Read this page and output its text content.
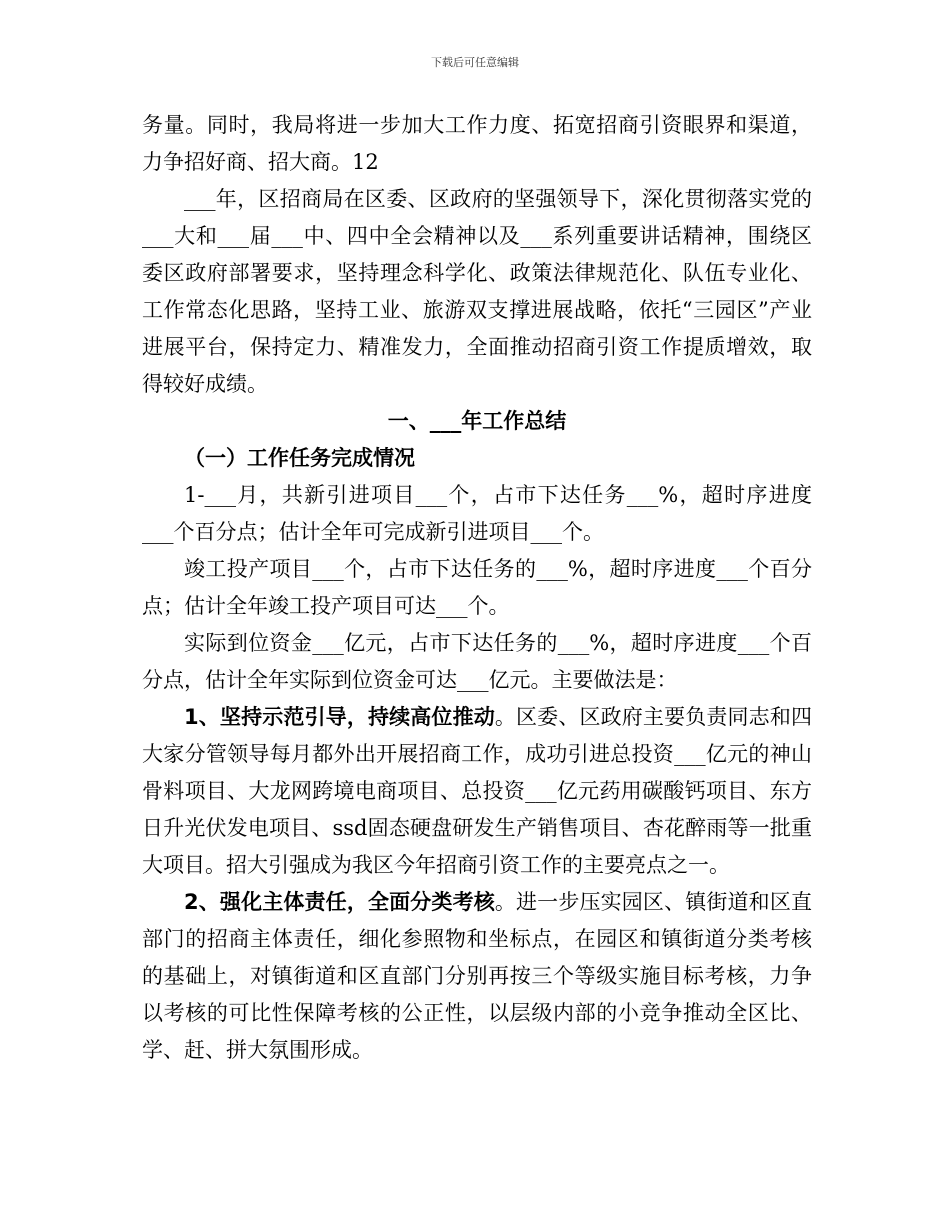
下载后可任意编辑

务量。同时，我局将进一步加大工作力度、拓宽招商引资眼界和渠道，力争招好商、招大商。12

___年，区招商局在区委、区政府的坚强领导下，深化贯彻落实党的___大和___届___中、四中全会精神以及___系列重要讲话精神，围绕区委区政府部署要求，坚持理念科学化、政策法律规范化、队伍专业化、工作常态化思路，坚持工业、旅游双支撑进展战略，依托“三园区”产业进展平台，保持定力、精准发力，全面推动招商引资工作提质增效，取得较好成绩。

一、___年工作总结

（一）工作任务完成情况

1-___月，共新引进项目___个，占市下达任务___%，超时序进度___个百分点；估计全年可完成新引进项目___个。

竣工投产项目___个，占市下达任务的___%，超时序进度___个百分点；估计全年竣工投产项目可达___个。

实际到位资金___亿元，占市下达任务的___%，超时序进度___个百分点，估计全年实际到位资金可达___亿元。主要做法是：

1、坚持示范引导，持续高位推动。区委、区政府主要负责同志和四大家分管领导每月都外出开展招商工作，成功引进总投资___亿元的神山骨料项目、大龙网跨境电商项目、总投资___亿元药用碳酸钙项目、东方日升光伏发电项目、ssd固态硬盘研发生产销售项目、杏花醉雨等一批重大项目。招大引强成为我区今年招商引资工作的主要亮点之一。

2、强化主体责任，全面分类考核。进一步压实园区、镇街道和区直部门的招商主体责任，细化参照物和坐标点，在园区和镇街道分类考核的基础上，对镇街道和区直部门分别再按三个等级实施目标考核，力争以考核的可比性保障考核的公正性，以层级内部的小竞争推动全区比、学、赶、拼大氛围形成。
